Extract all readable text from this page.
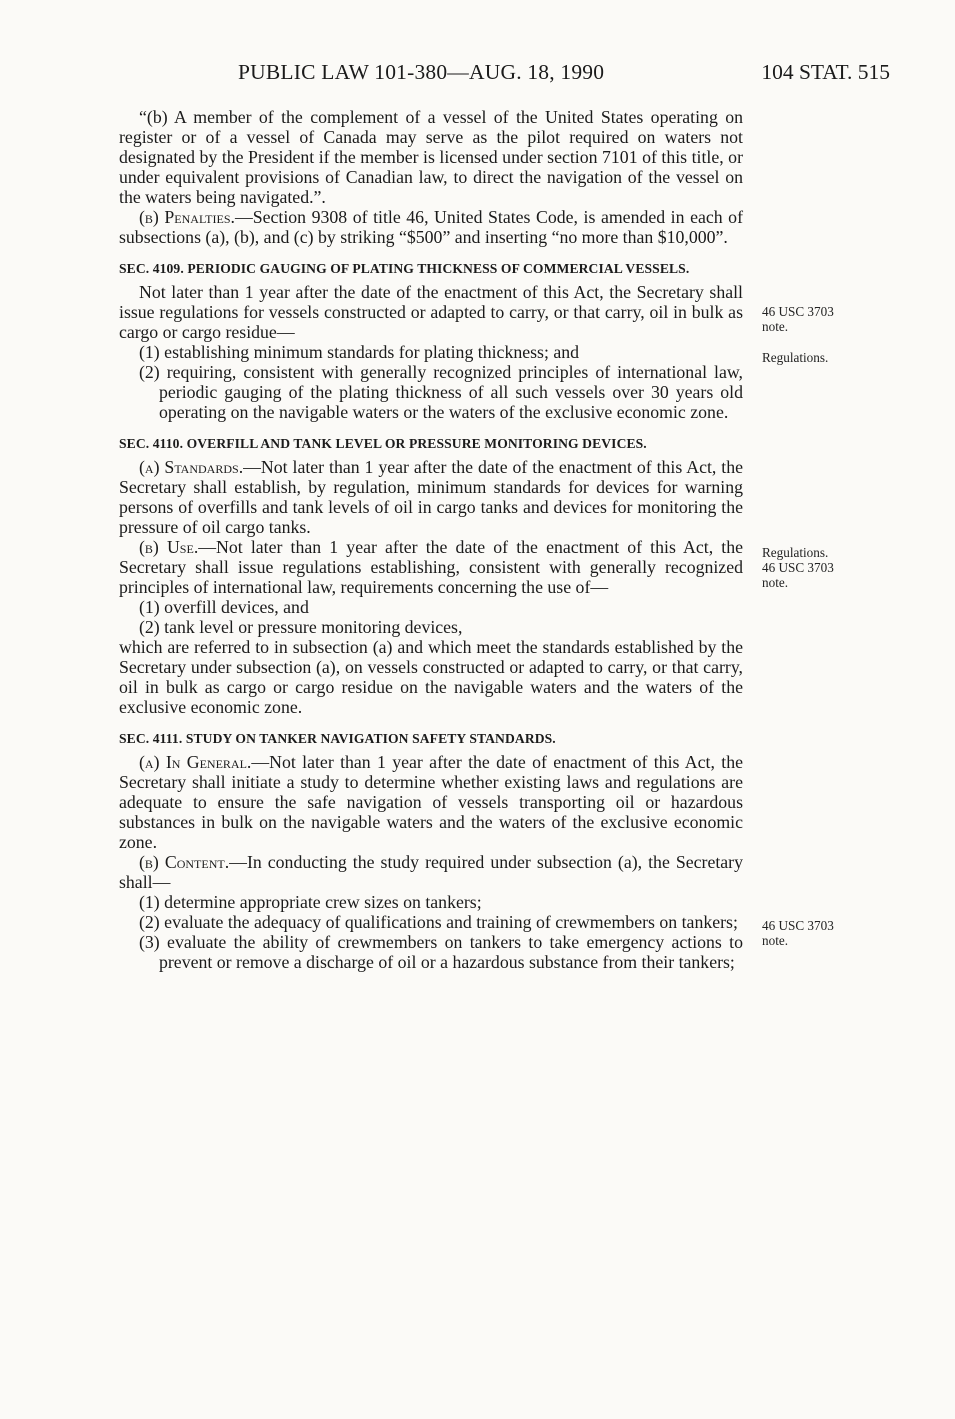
PUBLIC LAW 101-380—AUG. 18, 1990	104 STAT. 515

“(b) A member of the complement of a vessel of the United States operating on register or of a vessel of Canada may serve as the pilot required on waters not designated by the President if the member is licensed under section 7101 of this title, or under equivalent provisions of Canadian law, to direct the navigation of the vessel on the waters being navigated.”.

(b) Penalties.—Section 9308 of title 46, United States Code, is amended in each of subsections (a), (b), and (c) by striking “$500” and inserting “no more than $10,000”.

SEC. 4109. PERIODIC GAUGING OF PLATING THICKNESS OF COMMERCIAL VESSELS.

Not later than 1 year after the date of the enactment of this Act, the Secretary shall issue regulations for vessels constructed or adapted to carry, or that carry, oil in bulk as cargo or cargo residue—

(1) establishing minimum standards for plating thickness; and

(2) requiring, consistent with generally recognized principles of international law, periodic gauging of the plating thickness of all such vessels over 30 years old operating on the navigable waters or the waters of the exclusive economic zone.

SEC. 4110. OVERFILL AND TANK LEVEL OR PRESSURE MONITORING DEVICES.

(a) Standards.—Not later than 1 year after the date of the enactment of this Act, the Secretary shall establish, by regulation, minimum standards for devices for warning persons of overfills and tank levels of oil in cargo tanks and devices for monitoring the pressure of oil cargo tanks.

(b) Use.—Not later than 1 year after the date of the enactment of this Act, the Secretary shall issue regulations establishing, consistent with generally recognized principles of international law, requirements concerning the use of—

(1) overfill devices, and

(2) tank level or pressure monitoring devices,

which are referred to in subsection (a) and which meet the standards established by the Secretary under subsection (a), on vessels constructed or adapted to carry, or that carry, oil in bulk as cargo or cargo residue on the navigable waters and the waters of the exclusive economic zone.

SEC. 4111. STUDY ON TANKER NAVIGATION SAFETY STANDARDS.

(a) In General.—Not later than 1 year after the date of enactment of this Act, the Secretary shall initiate a study to determine whether existing laws and regulations are adequate to ensure the safe navigation of vessels transporting oil or hazardous substances in bulk on the navigable waters and the waters of the exclusive economic zone.

(b) Content.—In conducting the study required under subsection (a), the Secretary shall—

(1) determine appropriate crew sizes on tankers;

(2) evaluate the adequacy of qualifications and training of crewmembers on tankers;

(3) evaluate the ability of crewmembers on tankers to take emergency actions to prevent or remove a discharge of oil or a hazardous substance from their tankers;

46 USC 3703
note.
Regulations.
Regulations.
46 USC 3703
note.
46 USC 3703
note.
